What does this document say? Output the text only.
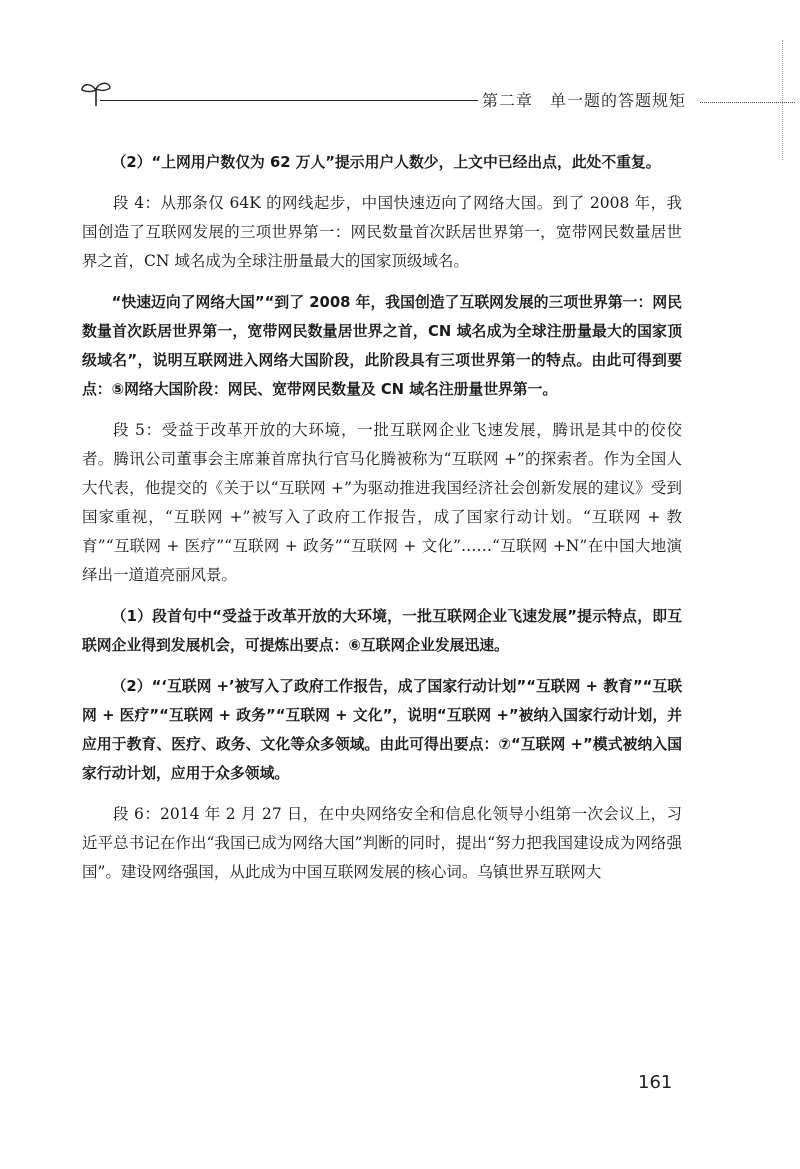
第二章　单一题的答题规矩

（2）“上网用户数仅为 62 万人”提示用户人数少，上文中已经出点，此处不重复。

段 4：从那条仅 64K 的网线起步，中国快速迈向了网络大国。到了 2008 年，我国创造了互联网发展的三项世界第一：网民数量首次跃居世界第一，宽带网民数量居世界之首，CN 域名成为全球注册量最大的国家顶级域名。

“快速迈向了网络大国”“到了 2008 年，我国创造了互联网发展的三项世界第一：网民数量首次跃居世界第一，宽带网民数量居世界之首，CN 域名成为全球注册量最大的国家顶级域名”，说明互联网进入网络大国阶段，此阶段具有三项世界第一的特点。由此可得到要点：⑤网络大国阶段：网民、宽带网民数量及 CN 域名注册量世界第一。

段 5：受益于改革开放的大环境，一批互联网企业飞速发展，腾讯是其中的佼佼者。腾讯公司董事会主席兼首席执行官马化腾被称为“互联网 +”的探索者。作为全国人大代表，他提交的《关于以“互联网 +”为驱动推进我国经济社会创新发展的建议》受到国家重视，“互联网 +”被写入了政府工作报告，成了国家行动计划。“互联网 + 教育”“互联网 + 医疗”“互联网 + 政务”“互联网 + 文化”……“互联网 +N”在中国大地演绎出一道道亮丽风景。

（1）段首句中“受益于改革开放的大环境，一批互联网企业飞速发展”提示特点，即互联网企业得到发展机会，可提炼出要点：⑥互联网企业发展迅速。

（2）“‘互联网 +’被写入了政府工作报告，成了国家行动计划”“互联网 + 教育”“互联网 + 医疗”“互联网 + 政务”“互联网 + 文化”，说明“互联网 +”被纳入国家行动计划，并应用于教育、医疗、政务、文化等众多领域。由此可得出要点：⑦“互联网 +”模式被纳入国家行动计划，应用于众多领域。

段 6：2014 年 2 月 27 日，在中央网络安全和信息化领导小组第一次会议上，习近平总书记在作出“我国已成为网络大国”判断的同时，提出“努力把我国建设成为网络强国”。建设网络强国，从此成为中国互联网发展的核心词。乌镇世界互联网大

161
